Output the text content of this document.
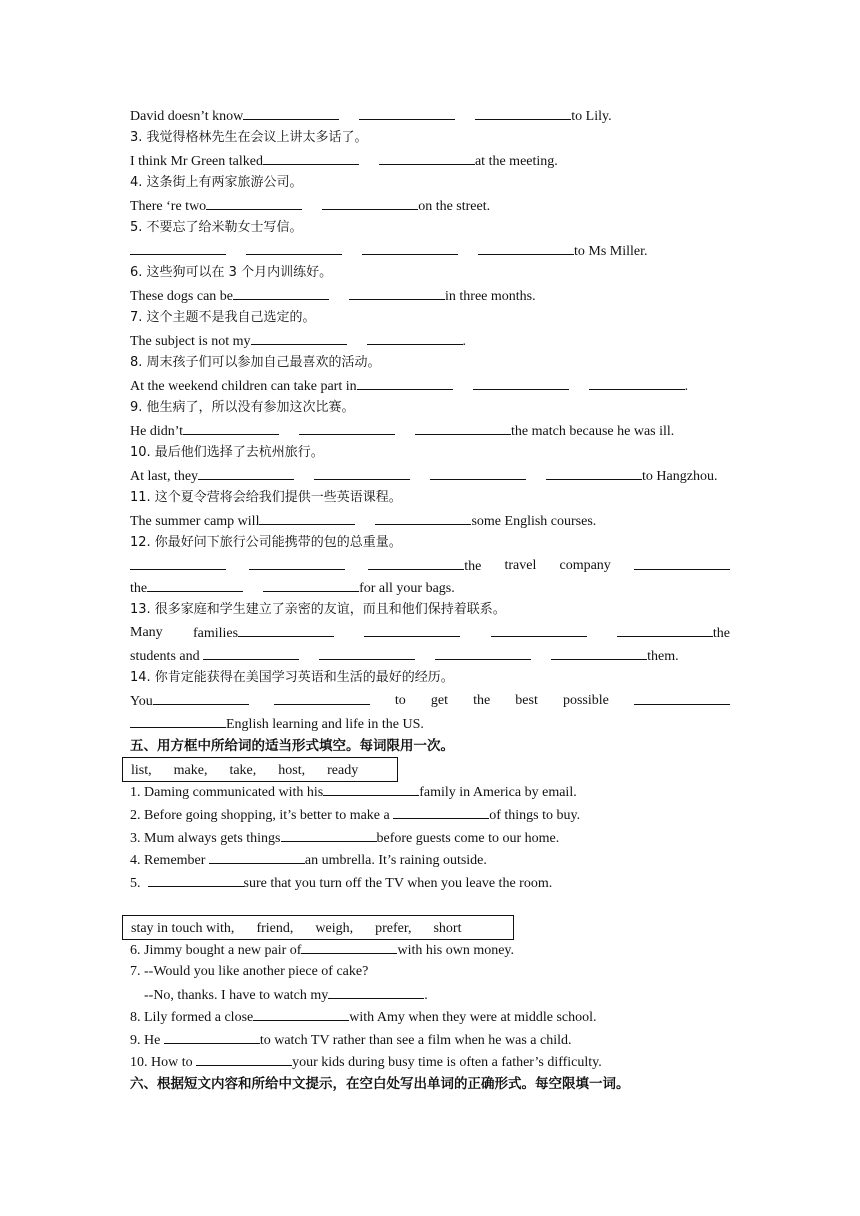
David doesn’t know	to Lily.
3. 我觉得格林先生在会议上讲太多话了。
I think Mr Green talked	at the meeting.
4. 这条街上有两家旅游公司。
There ‘re two	on the street.
5. 不要忘了给米勒女士写信。
to Ms Miller.
6. 这些狗可以在 3 个月内训练好。
These dogs can be	in three months.
7. 这个主题不是我自己选定的。
The subject is not my	.
8. 周末孩子们可以参加自己最喜欢的活动。
At the weekend children can take part in	.
9. 他生病了，所以没有参加这次比赛。
He didn’t	the match because he was ill.
10. 最后他们选择了去杭州旅行。
At last, they	to Hangzhou.
11. 这个夏令营将会给我们提供一些英语课程。
The summer camp will	some English courses.
12. 你最好问下旅行公司能携带的包的总重量。
the travel company
the	for all your bags.
13. 很多家庭和学生建立了亲密的友谊，而且和他们保持着联系。
Many families	the
students and	them.
14. 你肯定能获得在美国学习英语和生活的最好的经历。
You	to get the best possible
English learning and life in the US.
五、用方框中所给词的适当形式填空。每词限用一次。
list, make, take, host, ready
1. Daming communicated with his	family in America by email.
2. Before going shopping, it’s better to make a	of things to buy.
3. Mum always gets things	before guests come to our home.
4. Remember	an umbrella. It’s raining outside.
5.	sure that you turn off the TV when you leave the room.
stay in touch with, friend, weigh, prefer, short
6. Jimmy bought a new pair of	with his own money.
7. --Would you like another piece of cake?
--No, thanks. I have to watch my	.
8. Lily formed a close	with Amy when they were at middle school.
9. He	to watch TV rather than see a film when he was a child.
10. How to	your kids during busy time is often a father’s difficulty.
六、根据短文内容和所给中文提示，在空白处写出单词的正确形式。每空限填一词。
